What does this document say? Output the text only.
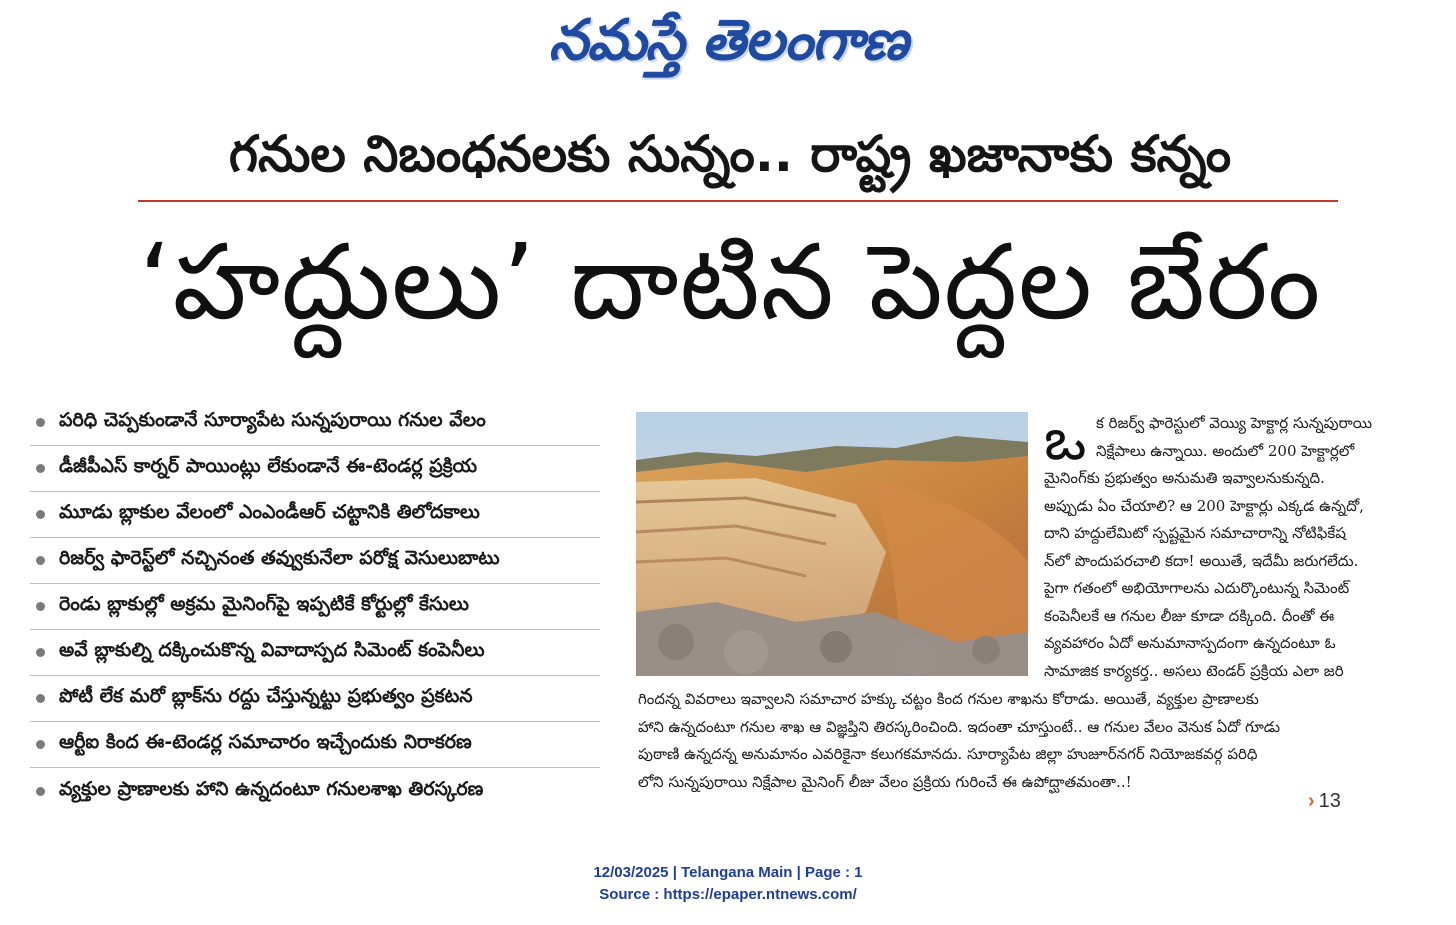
నమస్తే తెలంగాణ
గనుల నిబంధనలకు సున్నం.. రాష్ట్ర ఖజానాకు కన్నం
‘హద్దులు’ దాటిన పెద్దల బేరం
పరిధి చెప్పకుండానే సూర్యాపేట సున్నపురాయి గనుల వేలం
డీజీపీఎస్ కార్నర్ పాయింట్లు లేకుండానే ఈ-టెండర్ల ప్రక్రియ
మూడు బ్లాకుల వేలంలో ఎంఎండీఆర్ చట్టానికి తిలోదకాలు
రిజర్వ్ ఫారెస్ట్‌లో నచ్చినంత తవ్వుకునేలా పరోక్ష వెసులుబాటు
రెండు బ్లాకుల్లో అక్రమ మైనింగ్‌పై ఇప్పటికే కోర్టుల్లో కేసులు
అవే బ్లాకుల్ని దక్కించుకొన్న వివాదాస్పద సిమెంట్ కంపెనీలు
పోటీ లేక మరో బ్లాక్‌ను రద్దు చేస్తున్నట్టు ప్రభుత్వం ప్రకటన
ఆర్టీఐ కింద ఈ-టెండర్ల సమాచారం ఇచ్చేందుకు నిరాకరణ
వ్యక్తుల ప్రాణాలకు హాని ఉన్నదంటూ గనులశాఖ తిరస్కరణ
ఒ క రిజర్వ్ ఫారెస్టులో వెయ్యి హెక్టార్ల సున్నపురాయి
నిక్షేపాలు ఉన్నాయి. అందులో 200 హెక్టార్లలో
మైనింగ్‌కు ప్రభుత్వం అనుమతి ఇవ్వాలనుకున్నది.
అప్పుడు ఏం చేయాలి? ఆ 200 హెక్టార్లు ఎక్కడ ఉన్నదో,
దాని హద్దులేమిటో స్పష్టమైన సమాచారాన్ని నోటిఫికేష
న్‌లో పొందుపరచాలి కదా! అయితే, ఇదేమీ జరుగలేదు.
పైగా గతంలో అభియోగాలను ఎదుర్కొంటున్న సిమెంట్
కంపెనీలకే ఆ గనుల లీజు కూడా దక్కింది. దీంతో ఈ
వ్యవహారం ఏదో అనుమానాస్పదంగా ఉన్నదంటూ ఓ
సామాజిక కార్యకర్త.. అసలు టెండర్ ప్రక్రియ ఎలా జరి
గిందన్న వివరాలు ఇవ్వాలని సమాచార హక్కు చట్టం కింద గనుల శాఖను కోరాడు. అయితే, వ్యక్తుల ప్రాణాలకు
హాని ఉన్నదంటూ గనుల శాఖ ఆ విజ్ఞప్తిని తిరస్కరించింది. ఇదంతా చూస్తుంటే.. ఆ గనుల వేలం వెనుక ఏదో గూడు
పుఠాణి ఉన్నదన్న అనుమానం ఎవరికైనా కలుగకమానదు. సూర్యాపేట జిల్లా హుజూర్‌నగర్ నియోజకవర్గ పరిధి
లోని సున్నపురాయి నిక్షేపాల మైనింగ్ లీజు వేలం ప్రక్రియ గురించే ఈ ఉపోద్ఘాతమంతా..!
› 13
12/03/2025 | Telangana Main | Page : 1
Source : https://epaper.ntnews.com/
